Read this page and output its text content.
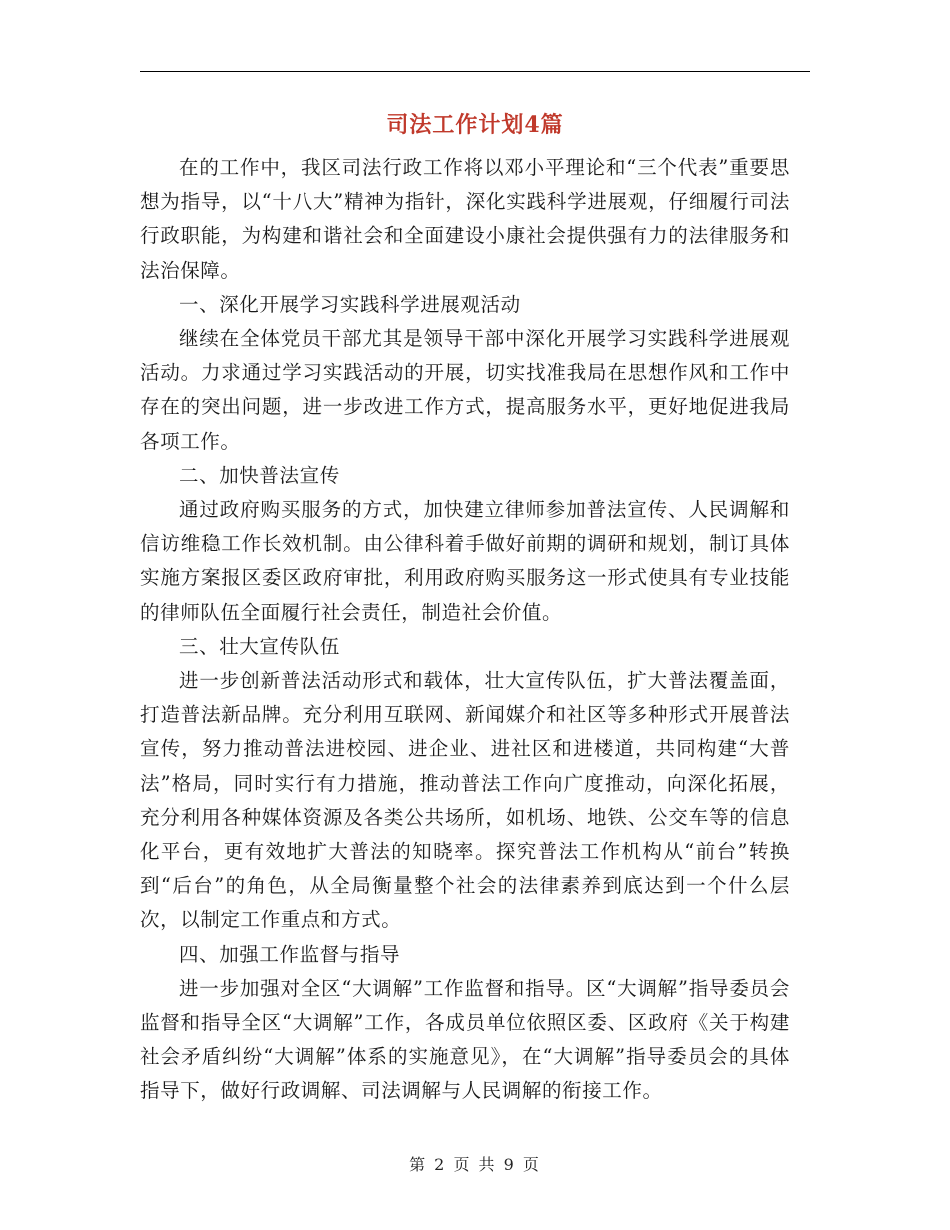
司法工作计划4篇

在的工作中，我区司法行政工作将以邓小平理论和“三个代表”重要思想为指导，以“十八大”精神为指针，深化实践科学进展观，仔细履行司法行政职能，为构建和谐社会和全面建设小康社会提供强有力的法律服务和法治保障。

一、深化开展学习实践科学进展观活动

继续在全体党员干部尤其是领导干部中深化开展学习实践科学进展观活动。力求通过学习实践活动的开展，切实找准我局在思想作风和工作中存在的突出问题，进一步改进工作方式，提高服务水平，更好地促进我局各项工作。

二、加快普法宣传

通过政府购买服务的方式，加快建立律师参加普法宣传、人民调解和信访维稳工作长效机制。由公律科着手做好前期的调研和规划，制订具体实施方案报区委区政府审批，利用政府购买服务这一形式使具有专业技能的律师队伍全面履行社会责任，制造社会价值。

三、壮大宣传队伍

进一步创新普法活动形式和载体，壮大宣传队伍，扩大普法覆盖面，打造普法新品牌。充分利用互联网、新闻媒介和社区等多种形式开展普法宣传，努力推动普法进校园、进企业、进社区和进楼道，共同构建“大普法”格局，同时实行有力措施，推动普法工作向广度推动，向深化拓展，充分利用各种媒体资源及各类公共场所，如机场、地铁、公交车等的信息化平台，更有效地扩大普法的知晓率。探究普法工作机构从“前台”转换到“后台”的角色，从全局衡量整个社会的法律素养到底达到一个什么层次，以制定工作重点和方式。

四、加强工作监督与指导

进一步加强对全区“大调解”工作监督和指导。区“大调解”指导委员会监督和指导全区“大调解”工作，各成员单位依照区委、区政府《关于构建社会矛盾纠纷“大调解”体系的实施意见》，在“大调解”指导委员会的具体指导下，做好行政调解、司法调解与人民调解的衔接工作。

第 2 页 共 9 页
